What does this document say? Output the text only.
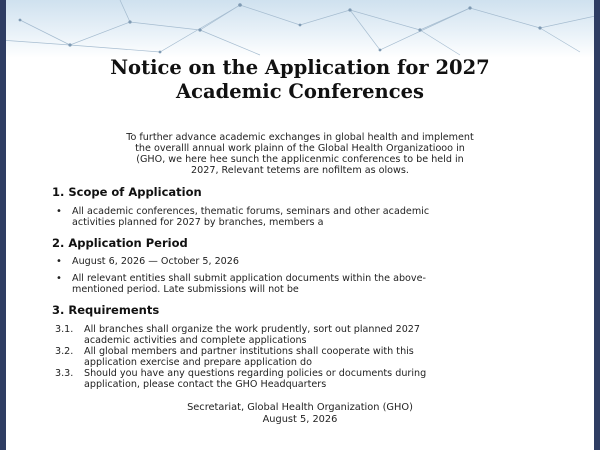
Notice on the Application for 2027
Academic Conferences
To further advance academic exchanges in global health and implement
the overalll annual work plainn of the Global Health Organizatiooo in
(GHO, we here hee sunch the applicenmic conferences to be held in
2027, Relevant tetems are nofiltem as olows.
1. Scope of Application
• All academic conferences, thematic forums, seminars and other academic
activities planned for 2027 by branches, members a
2. Application Period
• August 6, 2026 — October 5, 2026
• All relevant entities shall submit application documents within the above-
mentioned period. Late submissions will not be
3. Requirements
3.1. All branches shall organize the work prudently, sort out planned 2027
academic activities and complete applications
3.2. All global members and partner institutions shall cooperate with this
application exercise and prepare application do
3.3. Should you have any questions regarding policies or documents during
application, please contact the GHO Headquarters
Secretariat, Global Health Organization (GHO)
August 5, 2026
